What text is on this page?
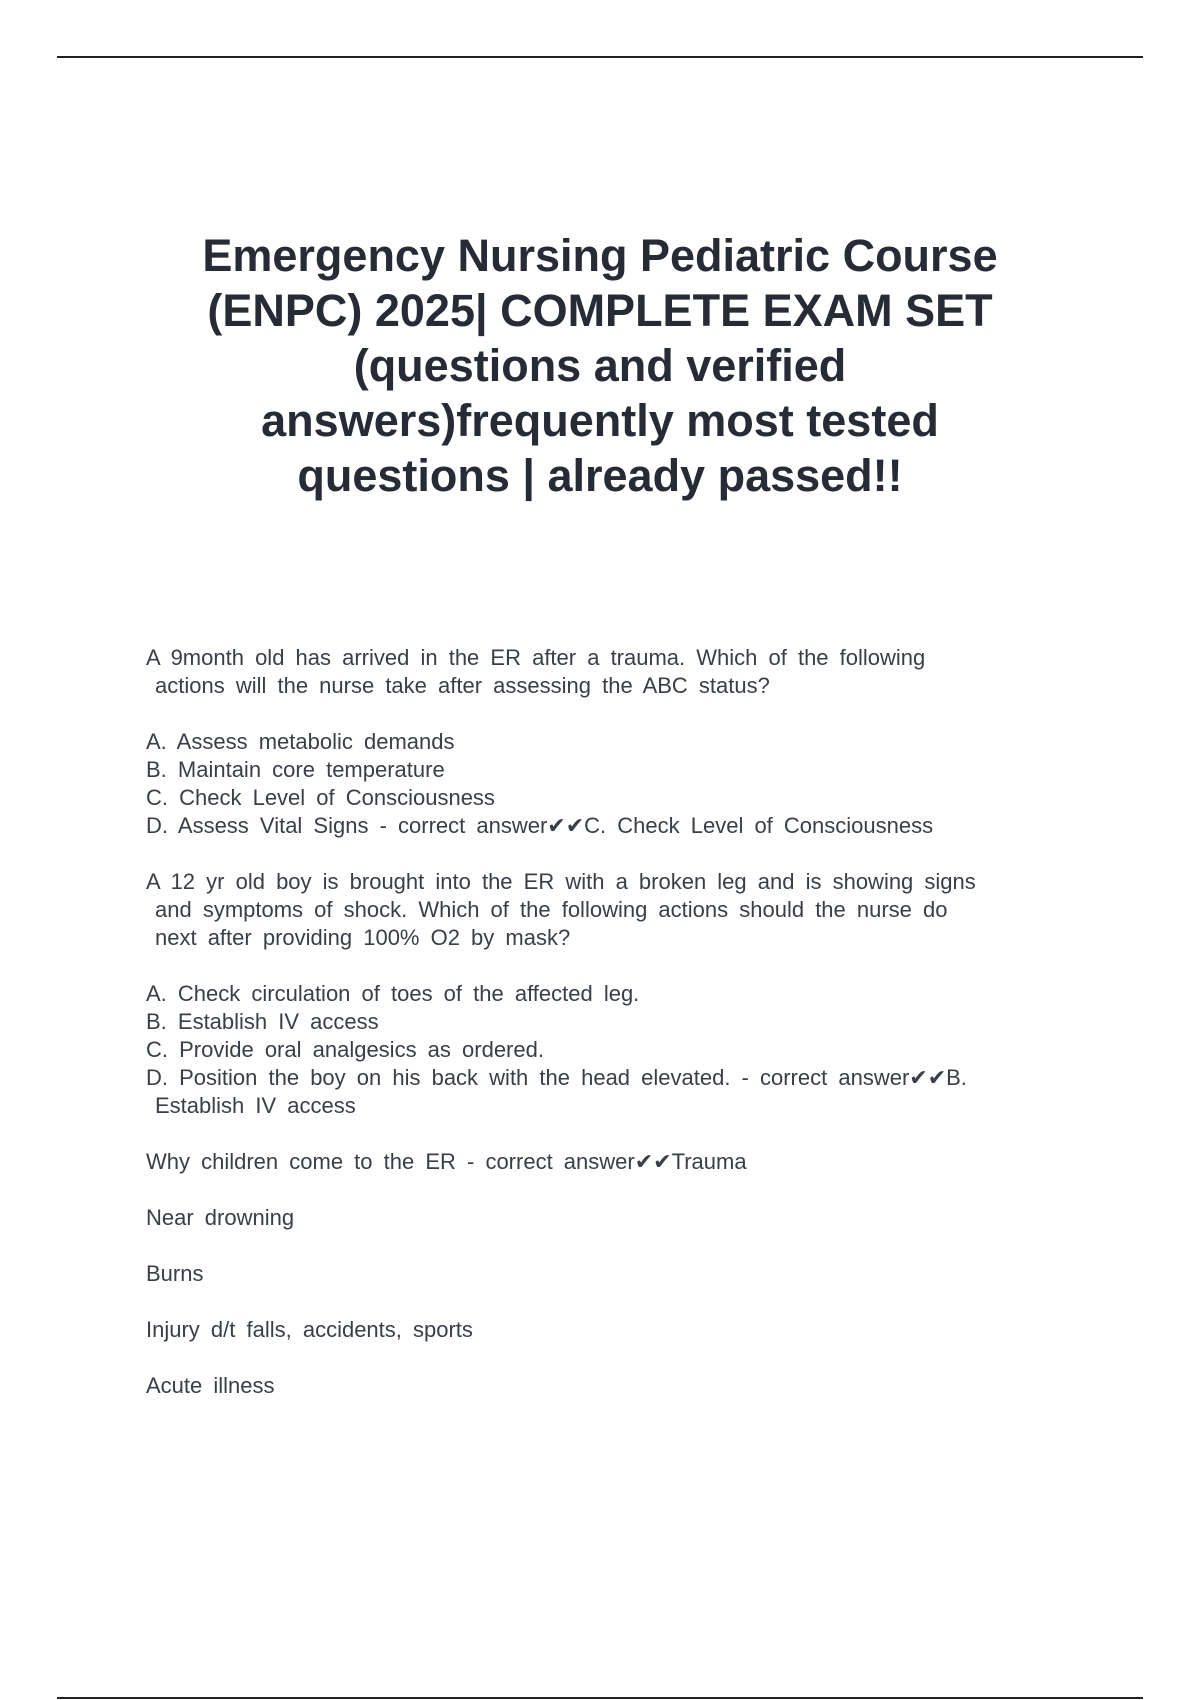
Emergency Nursing Pediatric Course
(ENPC) 2025| COMPLETE EXAM SET
(questions and verified
answers)frequently most tested
questions | already passed!!
A 9month old has arrived in the ER after a trauma. Which of the following
actions will the nurse take after assessing the ABC status?
A. Assess metabolic demands
B. Maintain core temperature
C. Check Level of Consciousness
D. Assess Vital Signs - correct answer✔✔C. Check Level of Consciousness
A 12 yr old boy is brought into the ER with a broken leg and is showing signs
and symptoms of shock. Which of the following actions should the nurse do
next after providing 100% O2 by mask?
A. Check circulation of toes of the affected leg.
B. Establish IV access
C. Provide oral analgesics as ordered.
D. Position the boy on his back with the head elevated. - correct answer✔✔B.
Establish IV access
Why children come to the ER - correct answer✔✔Trauma
Near drowning
Burns
Injury d/t falls, accidents, sports
Acute illness
